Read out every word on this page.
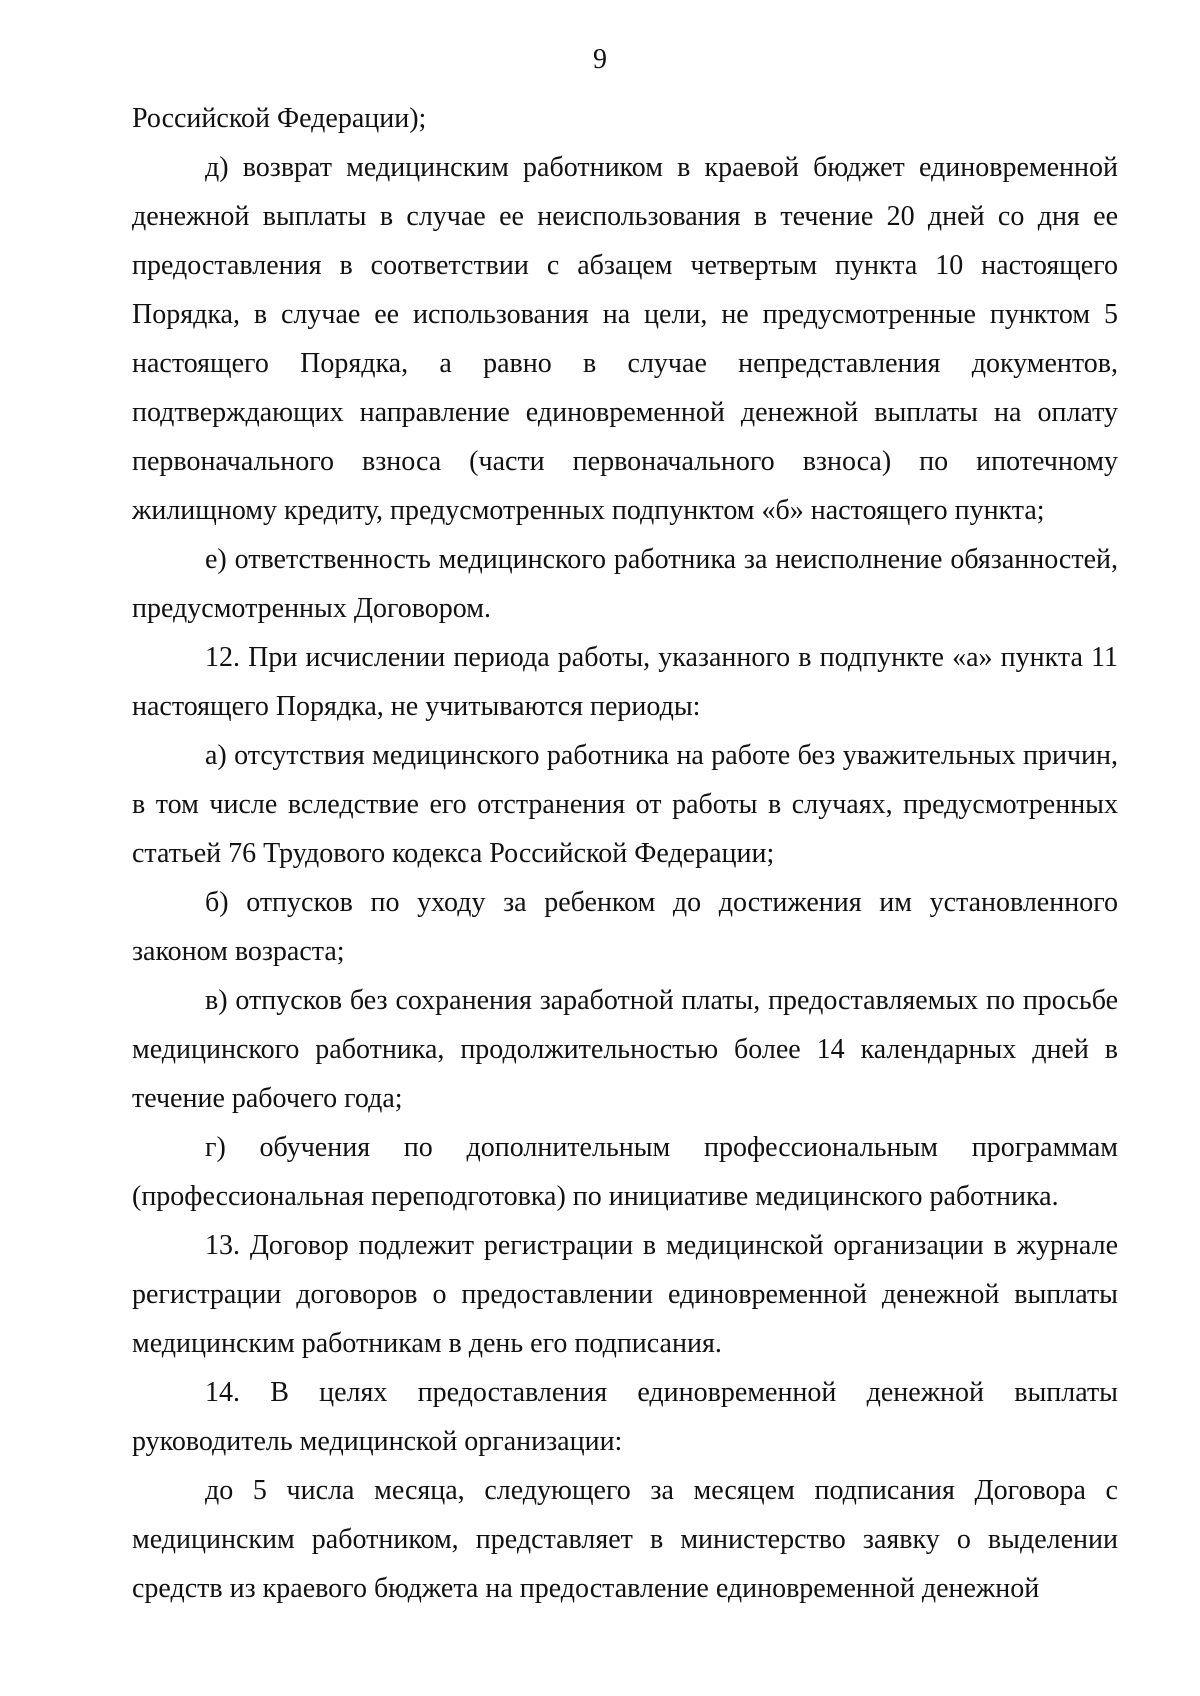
9

Российской Федерации);

д) возврат медицинским работником в краевой бюджет единовременной денежной выплаты в случае ее неиспользования в течение 20 дней со дня ее предоставления в соответствии с абзацем четвертым пункта 10 настоящего Порядка, в случае ее использования на цели, не предусмотренные пунктом 5 настоящего Порядка, а равно в случае непредставления документов, подтверждающих направление единовременной денежной выплаты на оплату первоначального взноса (части первоначального взноса) по ипотечному жилищному кредиту, предусмотренных подпунктом «б» настоящего пункта;

е) ответственность медицинского работника за неисполнение обязанностей, предусмотренных Договором.

12. При исчислении периода работы, указанного в подпункте «а» пункта 11 настоящего Порядка, не учитываются периоды:

а) отсутствия медицинского работника на работе без уважительных причин, в том числе вследствие его отстранения от работы в случаях, предусмотренных статьей 76 Трудового кодекса Российской Федерации;

б) отпусков по уходу за ребенком до достижения им установленного законом возраста;

в) отпусков без сохранения заработной платы, предоставляемых по просьбе медицинского работника, продолжительностью более 14 календарных дней в течение рабочего года;

г) обучения по дополнительным профессиональным программам (профессиональная переподготовка) по инициативе медицинского работника.

13. Договор подлежит регистрации в медицинской организации в журнале регистрации договоров о предоставлении единовременной денежной выплаты медицинским работникам в день его подписания.

14. В целях предоставления единовременной денежной выплаты руководитель медицинской организации:

до 5 числа месяца, следующего за месяцем подписания Договора с медицинским работником, представляет в министерство заявку о выделении средств из краевого бюджета на предоставление единовременной денежной
